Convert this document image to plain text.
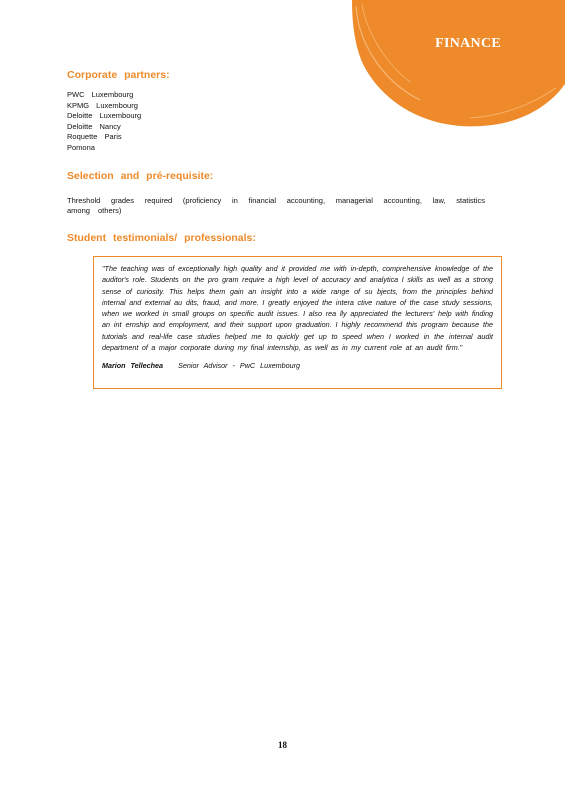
FINANCE
Corporate partners:
PWC Luxembourg
KPMG Luxembourg
Deloitte Luxembourg
Deloitte Nancy
Roquette Paris
Pomona
Selection and pré-requisite:
Threshold grades required (proficiency in financial accounting, managerial accounting, law, statistics among others)
Student testimonials/ professionals:

"The teaching was of exceptionally high quality and it provided me with in-depth, comprehensive knowledge of the auditor's role. Students on the pro gram require a high level of accuracy and analytica l skills as well as a strong sense of curiosity. This helps them gain an insight into a wide range of su bjects, from the principles behind internal and external au dits, fraud, and more. I greatly enjoyed the intera ctive nature of the case study sessions, when we worked in small groups on specific audit issues. I also rea lly appreciated the lecturers' help with finding an int ernship and employment, and their support upon graduation. I highly recommend this program because the tutorials and real-life case studies helped me to quickly get up to speed when I worked in the internal audit department of a major corporate during my final internship, as well as in my current role at an audit firm."

Marion Tellechea Senior Advisor - PwC Luxembourg
18
